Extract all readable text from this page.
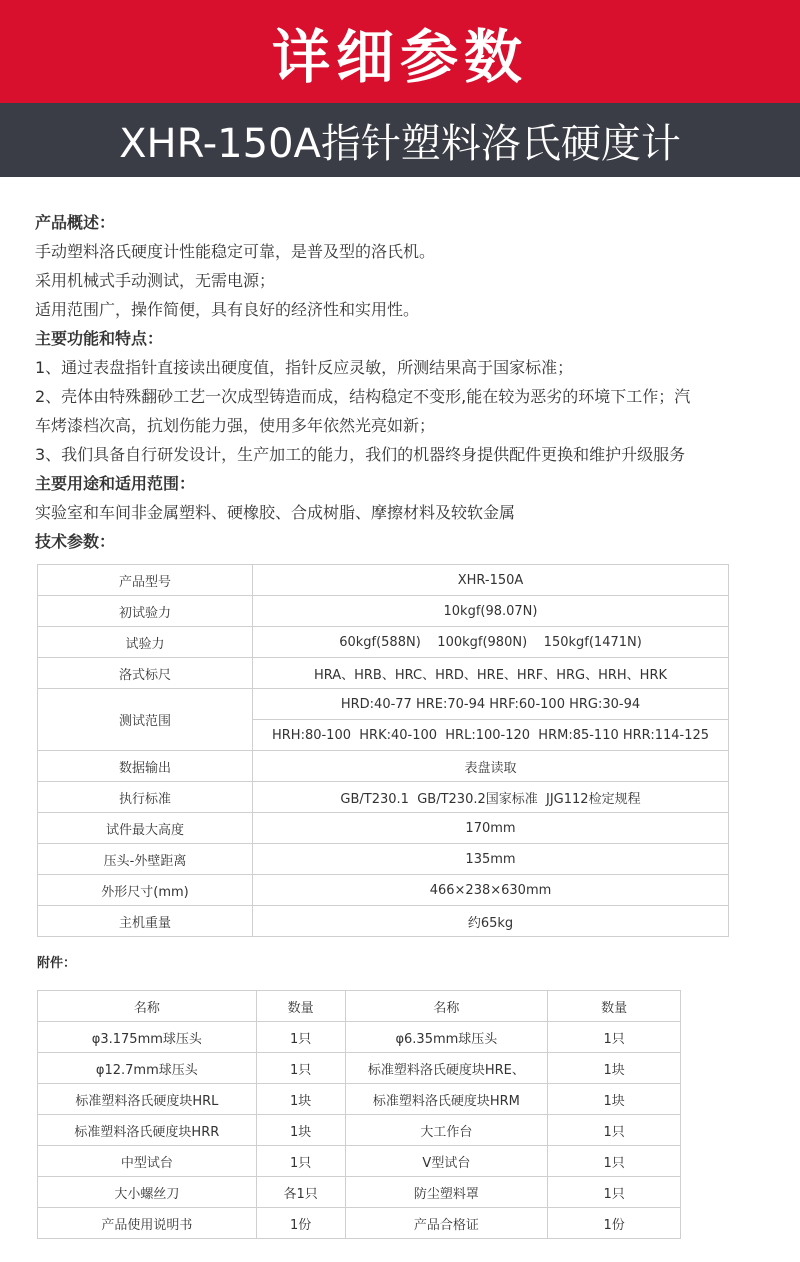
详细参数
XHR-150A指针塑料洛氏硬度计
产品概述：
手动塑料洛氏硬度计性能稳定可靠，是普及型的洛氏机。
采用机械式手动测试，无需电源；
适用范围广，操作简便，具有良好的经济性和实用性。
主要功能和特点：
1、通过表盘指针直接读出硬度值，指针反应灵敏，所测结果高于国家标准；
2、壳体由特殊翻砂工艺一次成型铸造而成，结构稳定不变形,能在较为恶劣的环境下工作；汽
车烤漆档次高，抗划伤能力强，使用多年依然光亮如新；
3、我们具备自行研发设计，生产加工的能力，我们的机器终身提供配件更换和维护升级服务
主要用途和适用范围：
实验室和车间非金属塑料、硬橡胶、合成树脂、摩擦材料及较软金属
技术参数：
产品型号	XHR-150A
初试验力	10kgf(98.07N)
试验力	60kgf(588N)    100kgf(980N)    150kgf(1471N)
洛式标尺	HRA、HRB、HRC、HRD、HRE、HRF、HRG、HRH、HRK
测试范围	HRD:40-77 HRE:70-94 HRF:60-100 HRG:30-94
	HRH:80-100  HRK:40-100  HRL:100-120  HRM:85-110 HRR:114-125
数据输出	表盘读取
执行标准	GB/T230.1  GB/T230.2国家标准  JJG112检定规程
试件最大高度	170mm
压头-外壁距离	135mm
外形尺寸(mm)	466×238×630mm
主机重量	约65kg
附件：
名称	数量	名称	数量
φ3.175mm球压头	1只	φ6.35mm球压头	1只
φ12.7mm球压头	1只	标准塑料洛氏硬度块HRE、	1块
标准塑料洛氏硬度块HRL	1块	标准塑料洛氏硬度块HRM	1块
标准塑料洛氏硬度块HRR	1块	大工作台	1只
中型试台	1只	V型试台	1只
大小螺丝刀	各1只	防尘塑料罩	1只
产品使用说明书	1份	产品合格证	1份
